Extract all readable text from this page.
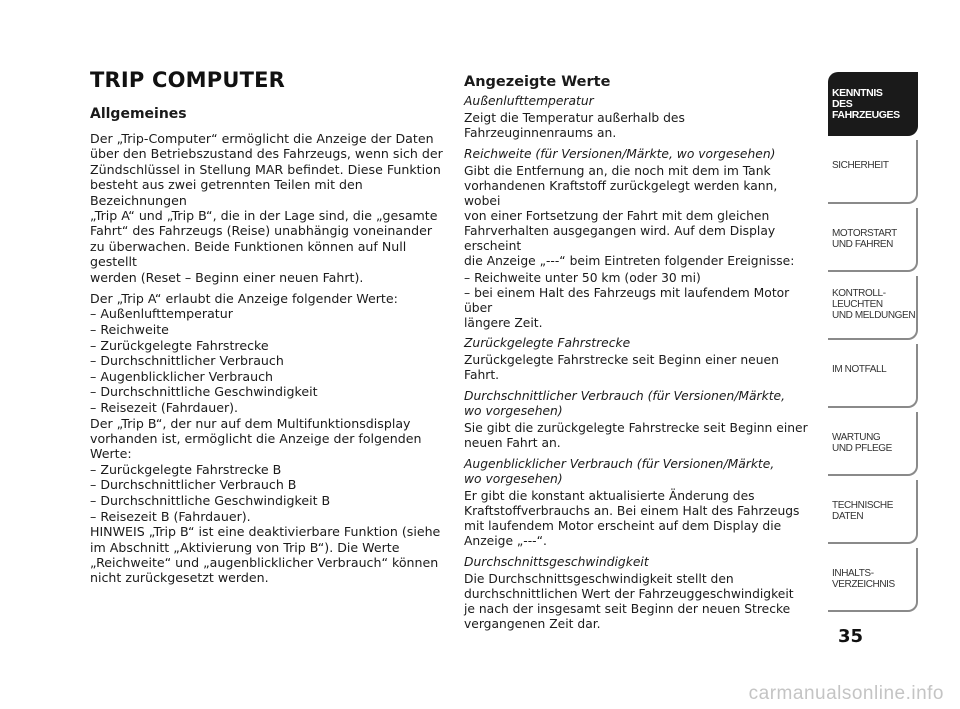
TRIP COMPUTER
Allgemeines

Der „Trip-Computer“ ermöglicht die Anzeige der Daten
über den Betriebszustand des Fahrzeugs, wenn sich der
Zündschlüssel in Stellung MAR befindet. Diese Funktion
besteht aus zwei getrennten Teilen mit den Bezeichnungen
„Trip A“ und „Trip B“, die in der Lage sind, die „gesamte
Fahrt“ des Fahrzeugs (Reise) unabhängig voneinander
zu überwachen. Beide Funktionen können auf Null gestellt
werden (Reset – Beginn einer neuen Fahrt).

Der „Trip A“ erlaubt die Anzeige folgender Werte:

– Außenlufttemperatur
– Reichweite
– Zurückgelegte Fahrstrecke
– Durchschnittlicher Verbrauch
– Augenblicklicher Verbrauch
– Durchschnittliche Geschwindigkeit
– Reisezeit (Fahrdauer).

Der „Trip B“, der nur auf dem Multifunktionsdisplay
vorhanden ist, ermöglicht die Anzeige der folgenden
Werte:

– Zurückgelegte Fahrstrecke B
– Durchschnittlicher Verbrauch B
– Durchschnittliche Geschwindigkeit B
– Reisezeit B (Fahrdauer).

HINWEIS „Trip B“ ist eine deaktivierbare Funktion (siehe
im Abschnitt „Aktivierung von Trip B“). Die Werte
„Reichweite“ und „augenblicklicher Verbrauch“ können
nicht zurückgesetzt werden.

Angezeigte Werte

Außenlufttemperatur

Zeigt die Temperatur außerhalb des Fahrzeuginnenraums an.

Reichweite (für Versionen/Märkte, wo vorgesehen)

Gibt die Entfernung an, die noch mit dem im Tank
vorhandenen Kraftstoff zurückgelegt werden kann, wobei
von einer Fortsetzung der Fahrt mit dem gleichen
Fahrverhalten ausgegangen wird. Auf dem Display erscheint
die Anzeige „---“ beim Eintreten folgender Ereignisse:

– Reichweite unter 50 km (oder 30 mi)
– bei einem Halt des Fahrzeugs mit laufendem Motor über
längere Zeit.

Zurückgelegte Fahrstrecke

Zurückgelegte Fahrstrecke seit Beginn einer neuen Fahrt.

Durchschnittlicher Verbrauch (für Versionen/Märkte,
wo vorgesehen)

Sie gibt die zurückgelegte Fahrstrecke seit Beginn einer
neuen Fahrt an.

Augenblicklicher Verbrauch (für Versionen/Märkte,
wo vorgesehen)

Er gibt die konstant aktualisierte Änderung des
Kraftstoffverbrauchs an. Bei einem Halt des Fahrzeugs
mit laufendem Motor erscheint auf dem Display die
Anzeige „---“.

Durchschnittsgeschwindigkeit

Die Durchschnittsgeschwindigkeit stellt den
durchschnittlichen Wert der Fahrzeuggeschwindigkeit
je nach der insgesamt seit Beginn der neuen Strecke
vergangenen Zeit dar.

KENNTNIS
DES FAHRZEUGES
SICHERHEIT
MOTORSTART
UND FAHREN
KONTROLL-
LEUCHTEN
UND MELDUNGEN
IM NOTFALL
WARTUNG
UND PFLEGE
TECHNISCHE
DATEN
INHALTS-
VERZEICHNIS
35
carmanualsonline.info
